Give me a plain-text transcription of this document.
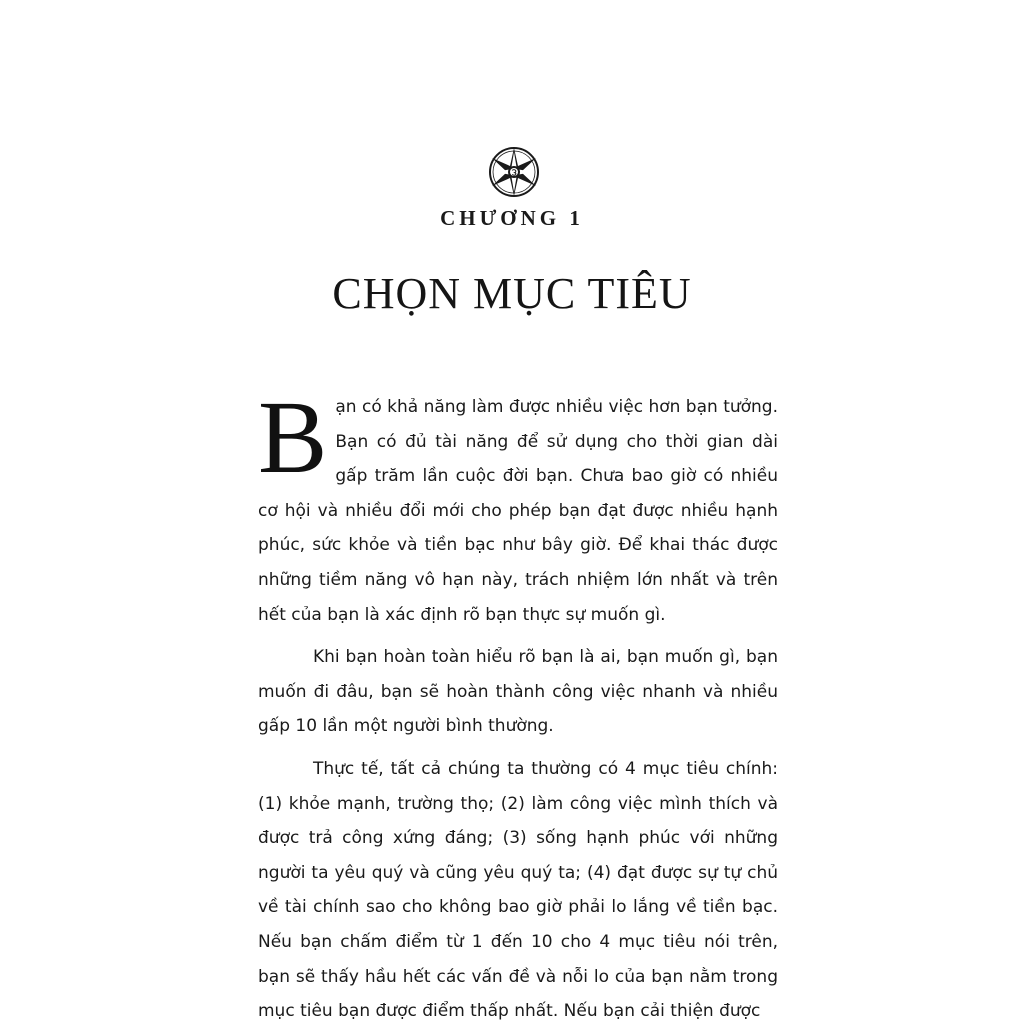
CHƯƠNG 1
CHỌN MỤC TIÊU

Bạn có khả năng làm được nhiều việc hơn bạn tưởng. Bạn có đủ tài năng để sử dụng cho thời gian dài gấp trăm lần cuộc đời bạn. Chưa bao giờ có nhiều cơ hội và nhiều đổi mới cho phép bạn đạt được nhiều hạnh phúc, sức khỏe và tiền bạc như bây giờ. Để khai thác được những tiềm năng vô hạn này, trách nhiệm lớn nhất và trên hết của bạn là xác định rõ bạn thực sự muốn gì.

Khi bạn hoàn toàn hiểu rõ bạn là ai, bạn muốn gì, bạn muốn đi đâu, bạn sẽ hoàn thành công việc nhanh và nhiều gấp 10 lần một người bình thường.

Thực tế, tất cả chúng ta thường có 4 mục tiêu chính: (1) khỏe mạnh, trường thọ; (2) làm công việc mình thích và được trả công xứng đáng; (3) sống hạnh phúc với những người ta yêu quý và cũng yêu quý ta; (4) đạt được sự tự chủ về tài chính sao cho không bao giờ phải lo lắng về tiền bạc. Nếu bạn chấm điểm từ 1 đến 10 cho 4 mục tiêu nói trên, bạn sẽ thấy hầu hết các vấn đề và nỗi lo của bạn nằm trong mục tiêu bạn được điểm thấp nhất. Nếu bạn cải thiện được
